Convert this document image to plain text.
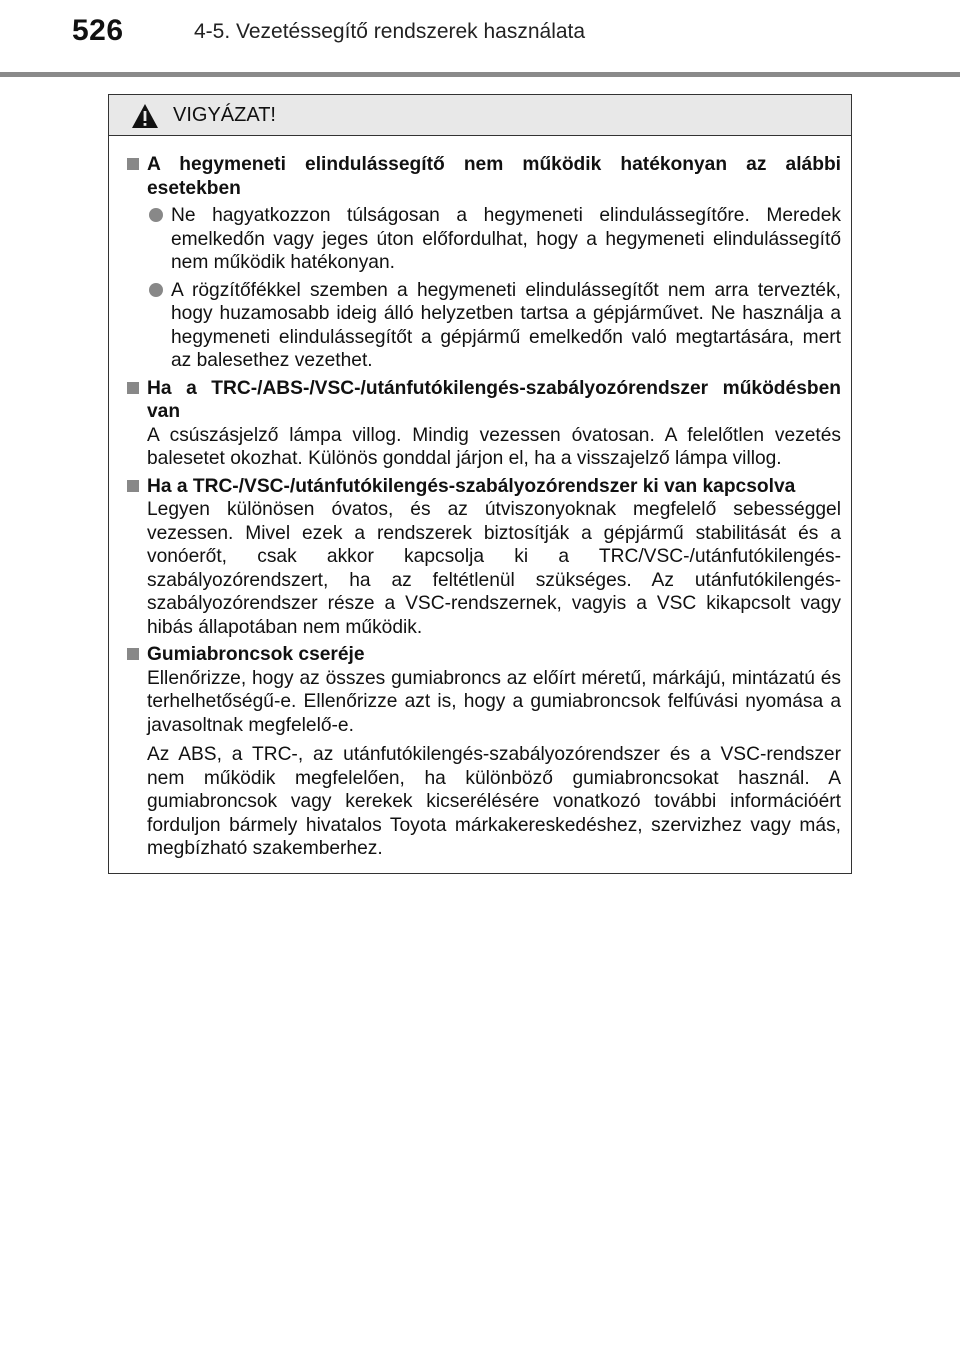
526	4-5. Vezetéssegítő rendszerek használata
VIGYÁZAT!
A hegymeneti elindulássegítő nem működik hatékonyan az alábbi esetekben

Ne hagyatkozzon túlságosan a hegymeneti elindulássegítőre. Meredek emelkedőn vagy jeges úton előfordulhat, hogy a hegymeneti elindulássegítő nem működik hatékonyan.

A rögzítőfékkel szemben a hegymeneti elindulássegítőt nem arra tervezték, hogy huzamosabb ideig álló helyzetben tartsa a gépjárművet. Ne használja a hegymeneti elindulássegítőt a gépjármű emelkedőn való megtartására, mert az balesethez vezethet.

Ha a TRC-/ABS-/VSC-/utánfutókilengés-szabályozórendszer működésben van

A csúszásjelző lámpa villog. Mindig vezessen óvatosan. A felelőtlen vezetés balesetet okozhat. Különös gonddal járjon el, ha a visszajelző lámpa villog.

Ha a TRC-/VSC-/utánfutókilengés-szabályozórendszer ki van kapcsolva

Legyen különösen óvatos, és az útviszonyoknak megfelelő sebességgel vezessen. Mivel ezek a rendszerek biztosítják a gépjármű stabilitását és a vonóerőt, csak akkor kapcsolja ki a TRC/VSC-/utánfutókilengés-szabályozórendszert, ha az feltétlenül szükséges. Az utánfutókilengés-szabályozórendszer része a VSC-rendszernek, vagyis a VSC kikapcsolt vagy hibás állapotában nem működik.

Gumiabroncsok cseréje

Ellenőrizze, hogy az összes gumiabroncs az előírt méretű, márkájú, mintázatú és terhelhetőségű-e. Ellenőrizze azt is, hogy a gumiabroncsok felfúvási nyomása a javasoltnak megfelelő-e.

Az ABS, a TRC-, az utánfutókilengés-szabályozórendszer és a VSC-rendszer nem működik megfelelően, ha különböző gumiabroncsokat használ. A gumiabroncsok vagy kerekek kicserélésére vonatkozó további információért forduljon bármely hivatalos Toyota márkakereskedéshez, szervizhez vagy más, megbízható szakemberhez.
